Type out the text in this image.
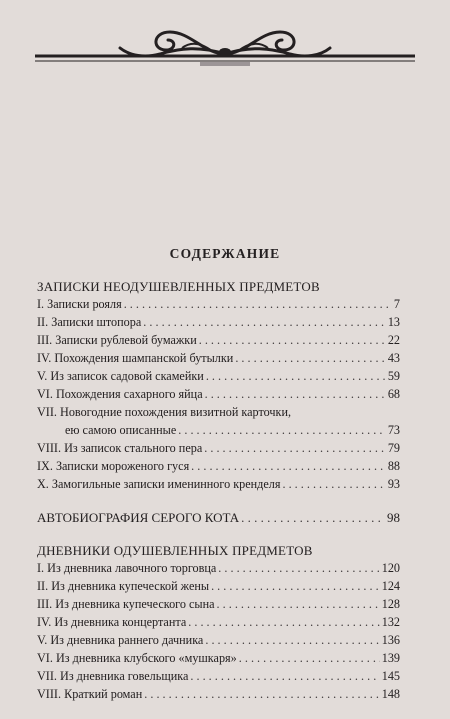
СОДЕРЖАНИЕ
ЗАПИСКИ НЕОДУШЕВЛЕННЫХ ПРЕДМЕТОВ
I. Записки рояля . . .	7
II. Записки штопора . . .	13
III. Записки рублевой бумажки . . .	22
IV. Похождения шампанской бутылки . . .	43
V. Из записок садовой скамейки . . .	59
VI. Похождения сахарного яйца . . .	68
VII. Новогодние похождения визитной карточки,
ею самою описанные . . .	73
VIII. Из записок стального пера . . .	79
IX. Записки мороженого гуся . . .	88
X. Замогильные записки именинного кренделя . . .	93
АВТОБИОГРАФИЯ СЕРОГО КОТА . . .	98
ДНЕВНИКИ ОДУШЕВЛЕННЫХ ПРЕДМЕТОВ
I. Из дневника лавочного торговца . . .	120
II. Из дневника купеческой жены . . .	124
III. Из дневника купеческого сына . . .	128
IV. Из дневника концертанта . . .	132
V. Из дневника раннего дачника . . .	136
VI. Из дневника клубского «мушкаря» . . .	139
VII. Из дневника говельщика . . .	145
VIII. Краткий роман . . .	148
